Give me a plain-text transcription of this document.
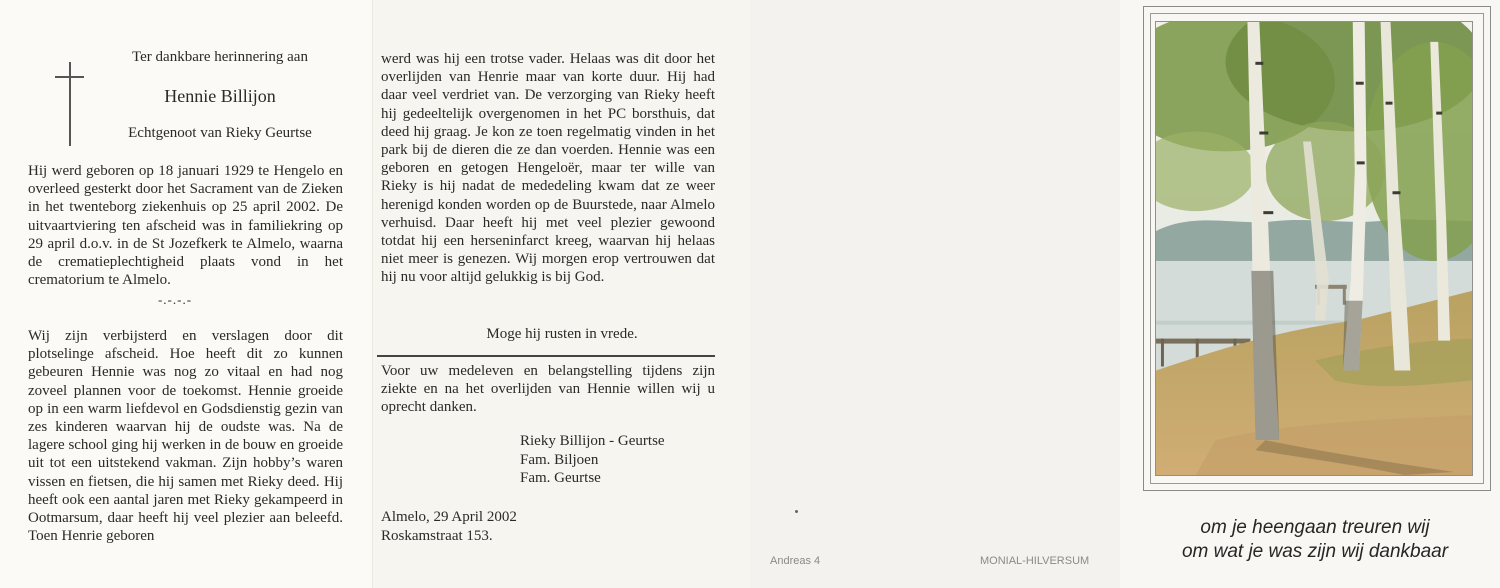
Ter dankbare herinnering aan
Hennie Billijon
Echtgenoot van Rieky Geurtse

Hij werd geboren op 18 januari 1929 te Hengelo en overleed gesterkt door het Sacrament van de Zieken in het twenteborg ziekenhuis op 25 april 2002. De uitvaartviering ten afscheid was in familiekring op 29 april d.o.v. in de St Jozefkerk te Almelo, waarna de crematieplechtigheid plaats vond in het crematorium te Almelo.

-.-.-.-

Wij zijn verbijsterd en verslagen door dit plotselinge afscheid. Hoe heeft dit zo kunnen gebeuren Hennie was nog zo vitaal en had nog zoveel plannen voor de toekomst. Hennie groeide op in een warm liefdevol en Godsdienstig gezin van zes kinderen waarvan hij de oudste was. Na de lagere school ging hij werken in de bouw en groeide uit tot een uitstekend vakman. Zijn hobby’s waren vissen en fietsen, die hij samen met Rieky deed. Hij heeft ook een aantal jaren met Rieky gekampeerd in Ootmarsum, daar heeft hij veel plezier aan beleefd. Toen Henrie geboren

werd was hij een trotse vader. Helaas was dit door het overlijden van Henrie maar van korte duur. Hij had daar veel verdriet van. De verzorging van Rieky heeft hij gedeeltelijk overgenomen in het PC borsthuis, dat deed hij graag. Je kon ze toen regelmatig vinden in het park bij de dieren die ze dan voerden. Hennie was een geboren en getogen Hengeloër, maar ter wille van Rieky is hij nadat de mededeling kwam dat ze weer herenigd konden worden op de Buurstede, naar Almelo verhuisd. Daar heeft hij met veel plezier gewoond totdat hij een herseninfarct kreeg, waarvan hij helaas niet meer is genezen. Wij morgen erop vertrouwen dat hij nu voor altijd gelukkig is bij God.

Moge hij rusten in vrede.

Voor uw medeleven en belangstelling tijdens zijn ziekte en na het overlijden van Hennie willen wij u oprecht danken.

Rieky Billijon - Geurtse
Fam. Biljoen
Fam. Geurtse
Almelo, 29 April 2002
Roskamstraat 153.
Andreas 4	MONIAL-HILVERSUM
om je heengaan treuren wij
om wat je was zijn wij dankbaar
